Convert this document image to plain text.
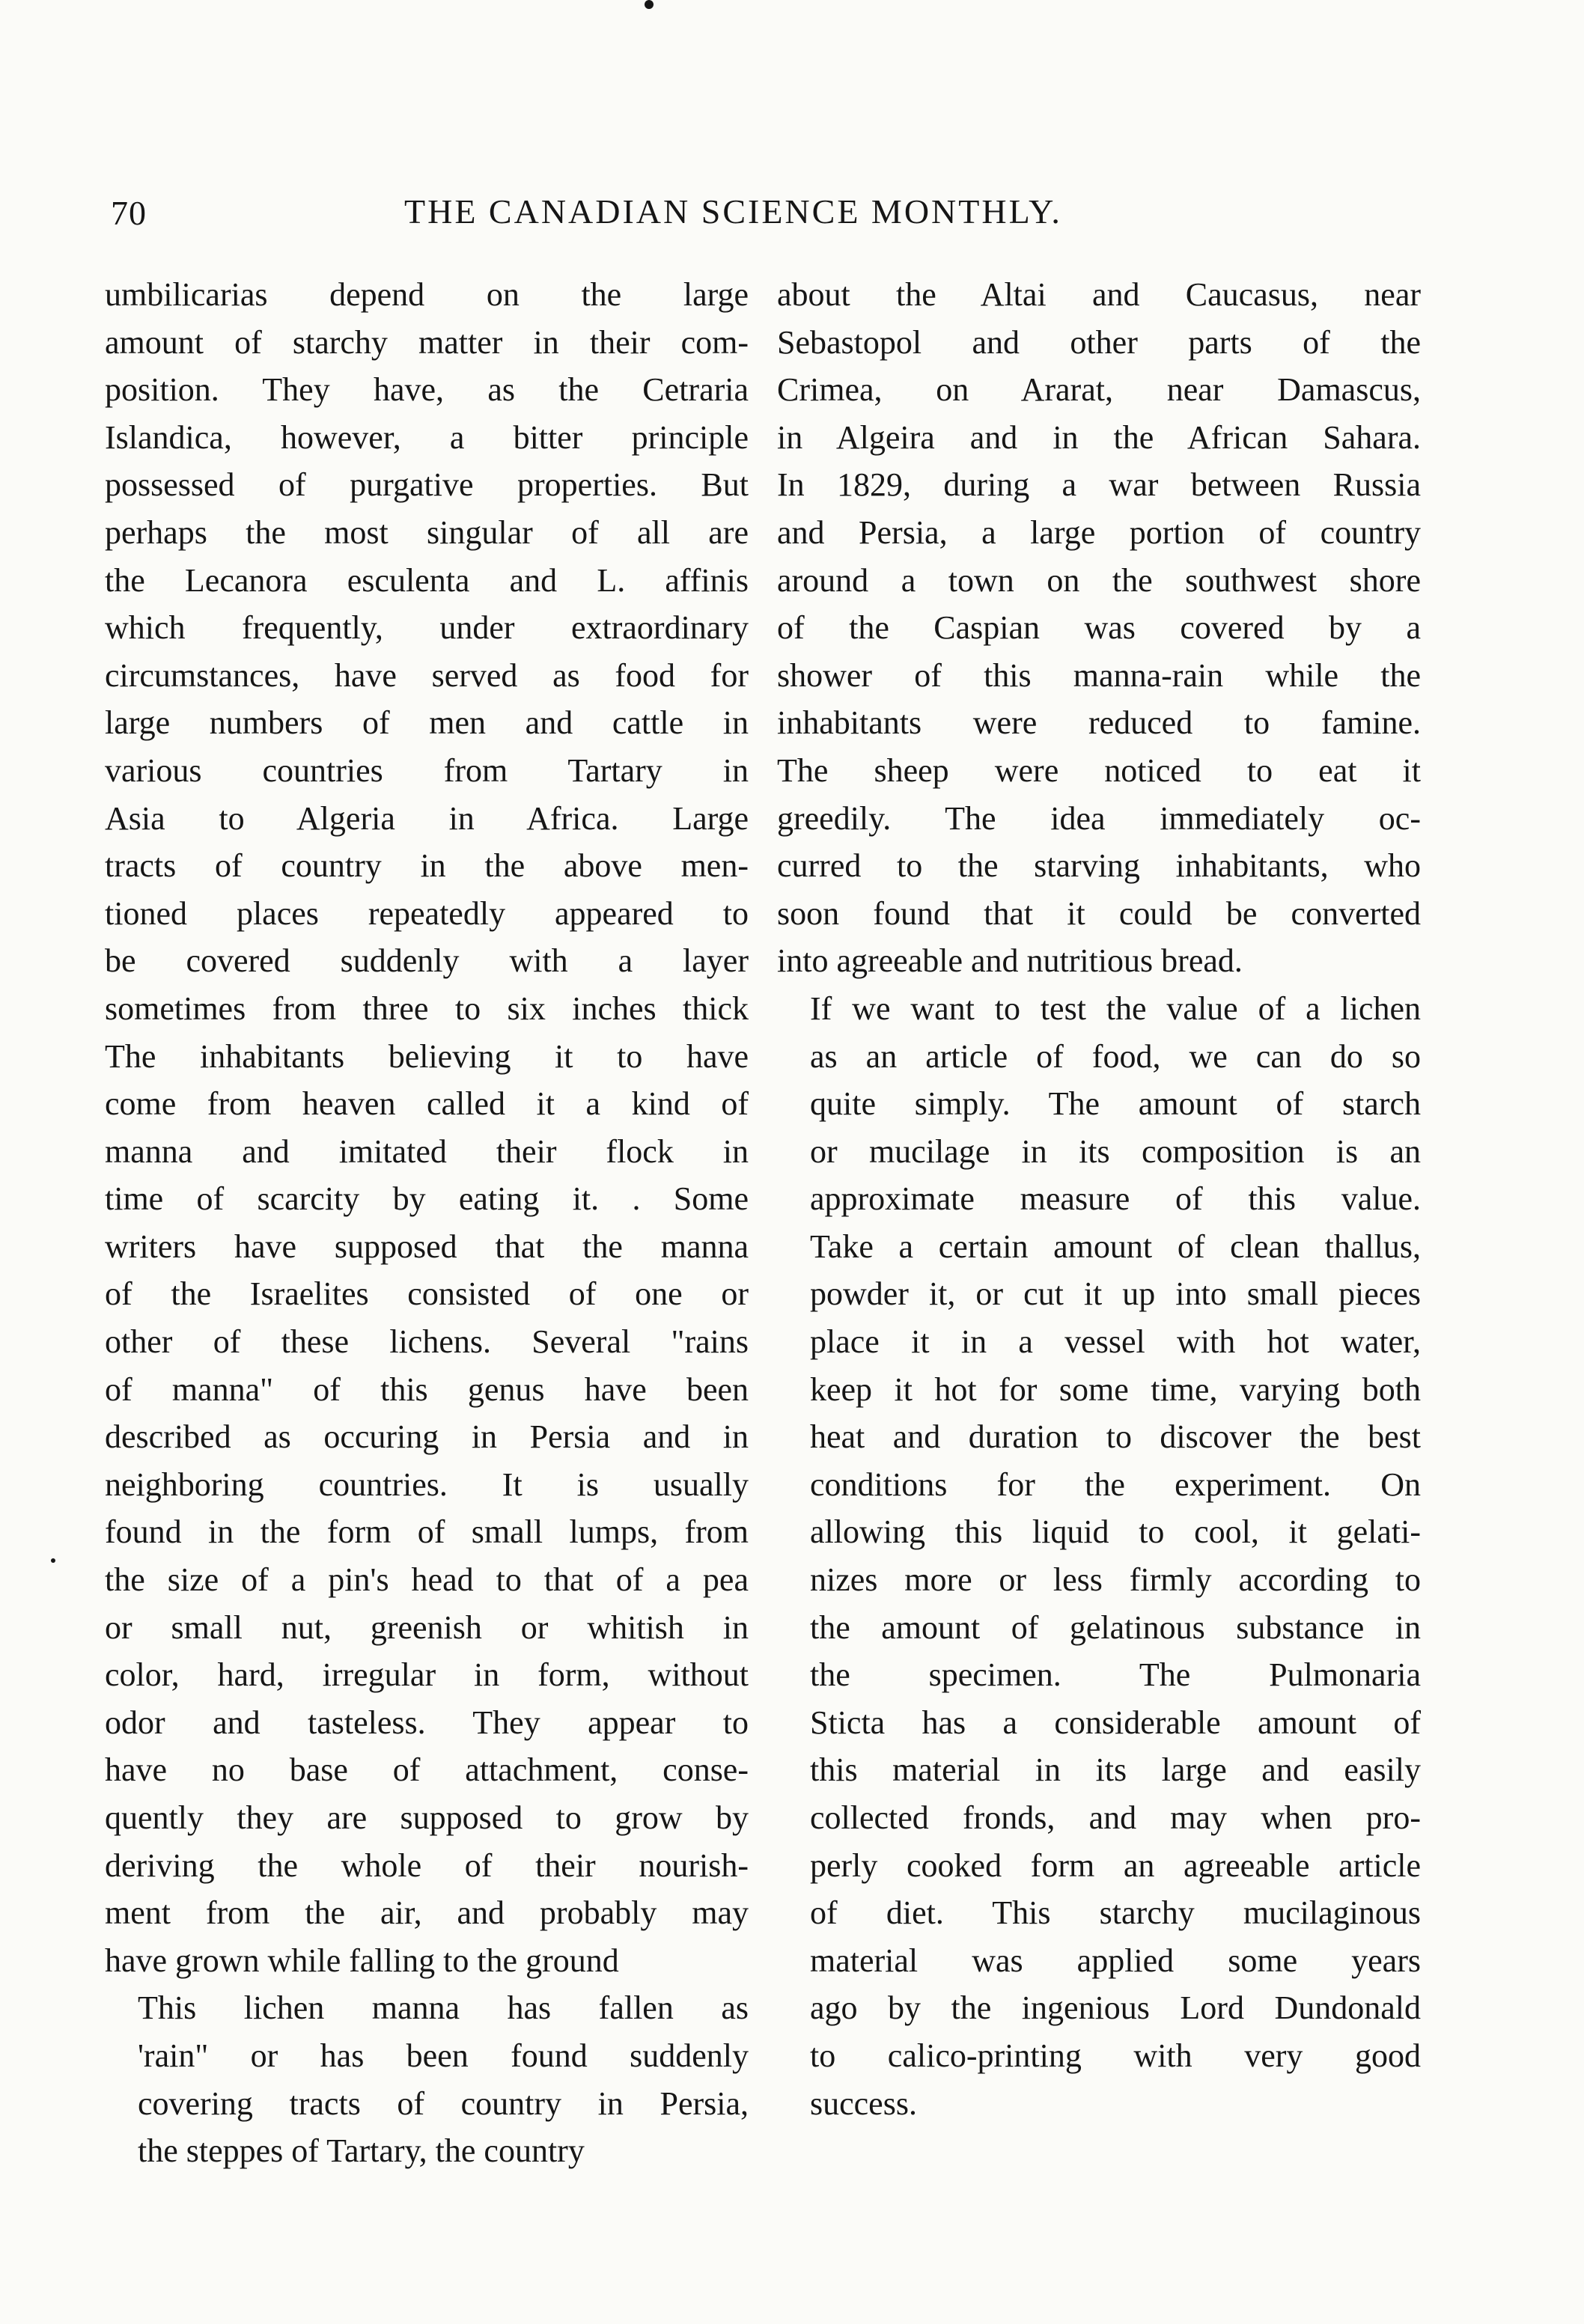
70	THE CANADIAN SCIENCE MONTHLY.

umbilicarias depend on the large
amount of starchy matter in their com-
position. They have, as the Cetraria
Islandica, however, a bitter principle
possessed of purgative properties. But
perhaps the most singular of all are
the Lecanora esculenta and L. affinis
which frequently, under extraordinary
circumstances, have served as food for
large numbers of men and cattle in
various countries from Tartary in
Asia to Algeria in Africa. Large
tracts of country in the above men-
tioned places repeatedly appeared to
be covered suddenly with a layer
sometimes from three to six inches thick
The inhabitants believing it to have
come from heaven called it a kind of
manna and imitated their flock in
time of scarcity by eating it. . Some
writers have supposed that the manna
of the Israelites consisted of one or
other of these lichens. Several "rains
of manna" of this genus have been
described as occuring in Persia and in
neighboring countries. It is usually
found in the form of small lumps, from
the size of a pin's head to that of a pea
or small nut, greenish or whitish in
color, hard, irregular in form, without
odor and tasteless. They appear to
have no base of attachment, conse-
quently they are supposed to grow by
deriving the whole of their nourish-
ment from the air, and probably may
have grown while falling to the ground

This lichen manna has fallen as
'rain" or has been found suddenly
covering tracts of country in Persia,
the steppes of Tartary, the country

about the Altai and Caucasus, near
Sebastopol and other parts of the
Crimea, on Ararat, near Damascus,
in Algeira and in the African Sahara.
In 1829, during a war between Russia
and Persia, a large portion of country
around a town on the southwest shore
of the Caspian was covered by a
shower of this manna-rain while the
inhabitants were reduced to famine.
The sheep were noticed to eat it
greedily. The idea immediately oc-
curred to the starving inhabitants, who
soon found that it could be converted
into agreeable and nutritious bread.

If we want to test the value of a lichen
as an article of food, we can do so
quite simply. The amount of starch
or mucilage in its composition is an
approximate measure of this value.
Take a certain amount of clean thallus,
powder it, or cut it up into small pieces
place it in a vessel with hot water,
keep it hot for some time, varying both
heat and duration to discover the best
conditions for the experiment. On
allowing this liquid to cool, it gelati-
nizes more or less firmly according to
the amount of gelatinous substance in
the specimen. The Pulmonaria
Sticta has a considerable amount of
this material in its large and easily
collected fronds, and may when pro-
perly cooked form an agreeable article
of diet. This starchy mucilaginous
material was applied some years
ago by the ingenious Lord Dundonald
to calico-printing with very good
success.
